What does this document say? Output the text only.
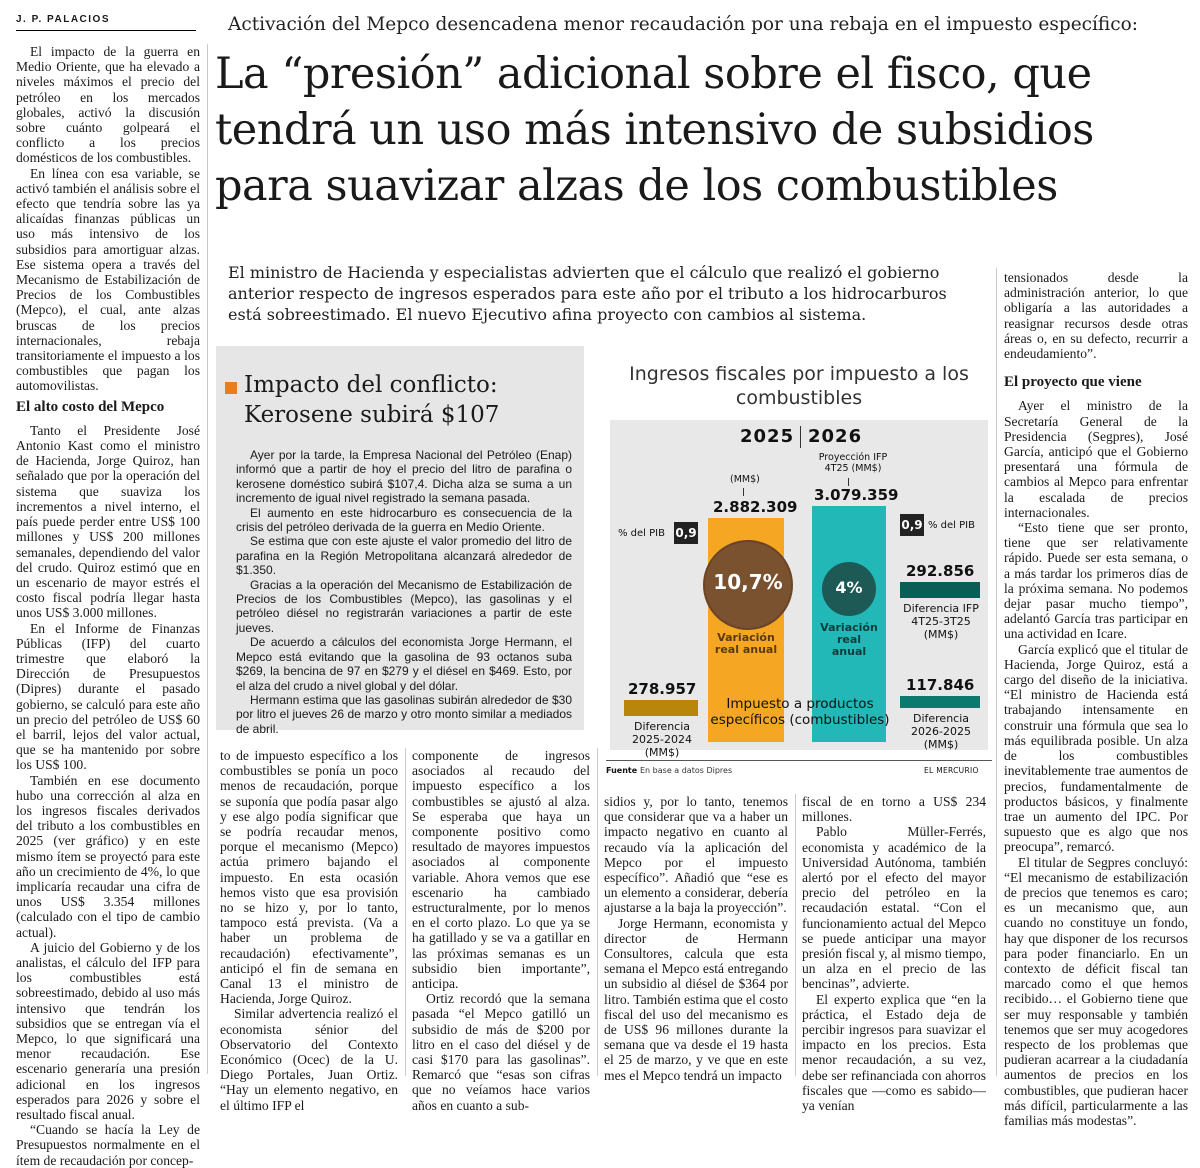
J. P. PALACIOS	Activación del Mepco desencadena menor recaudación por una rebaja en el impuesto específico:
La “presión” adicional sobre el fisco, que tendrá un uso más intensivo de subsidios para suavizar alzas de los combustibles
El ministro de Hacienda y especialistas advierten que el cálculo que realizó el gobierno anterior respecto de ingresos esperados para este año por el tributo a los hidrocarburos está sobreestimado. El nuevo Ejecutivo afina proyecto con cambios al sistema.

El impacto de la guerra en Medio Oriente, que ha elevado a niveles máximos el precio del petróleo en los mercados globales, activó la discusión sobre cuánto golpeará el conflicto a los precios domésticos de los combustibles.

En línea con esa variable, se activó también el análisis sobre el efecto que tendría sobre las ya alicaídas finanzas públicas un uso más intensivo de los subsidios para amortiguar alzas. Ese sistema opera a través del Mecanismo de Estabilización de Precios de los Combustibles (Mepco), el cual, ante alzas bruscas de los precios internacionales, rebaja transitoriamente el impuesto a los combustibles que pagan los automovilistas.

El alto costo del Mepco

Tanto el Presidente José Antonio Kast como el ministro de Hacienda, Jorge Quiroz, han señalado que por la operación del sistema que suaviza los incrementos a nivel interno, el país puede perder entre US$ 100 millones y US$ 200 millones semanales, dependiendo del valor del crudo. Quiroz estimó que en un escenario de mayor estrés el costo fiscal podría llegar hasta unos US$ 3.000 millones.

En el Informe de Finanzas Públicas (IFP) del cuarto trimestre que elaboró la Dirección de Presupuestos (Dipres) durante el pasado gobierno, se calculó para este año un precio del petróleo de US$ 60 el barril, lejos del valor actual, que se ha mantenido por sobre los US$ 100.

También en ese documento hubo una corrección al alza en los ingresos fiscales derivados del tributo a los combustibles en 2025 (ver gráfico) y en este mismo ítem se proyectó para este año un crecimiento de 4%, lo que implicaría recaudar una cifra de unos US$ 3.354 millones (calculado con el tipo de cambio actual).

A juicio del Gobierno y de los analistas, el cálculo del IFP para los combustibles está sobreestimado, debido al uso más intensivo que tendrán los subsidios que se entregan vía el Mepco, lo que significará una menor recaudación. Ese escenario generaría una presión adicional en los ingresos esperados para 2026 y sobre el resultado fiscal anual.

“Cuando se hacía la Ley de Presupuestos normalmente en el ítem de recaudación por concep-

Impacto del conflicto: Kerosene subirá $107

Ayer por la tarde, la Empresa Nacional del Petróleo (Enap) informó que a partir de hoy el precio del litro de parafina o kerosene doméstico subirá $107,4. Dicha alza se suma a un incremento de igual nivel registrado la semana pasada.

El aumento en este hidrocarburo es consecuencia de la crisis del petróleo derivada de la guerra en Medio Oriente.

Se estima que con este ajuste el valor promedio del litro de parafina en la Región Metropolitana alcanzará alrededor de $1.350.

Gracias a la operación del Mecanismo de Estabilización de Precios de los Combustibles (Mepco), las gasolinas y el petróleo diésel no registrarán variaciones a partir de este jueves.

De acuerdo a cálculos del economista Jorge Hermann, el Mepco está evitando que la gasolina de 93 octanos suba $269, la bencina de 97 en $279 y el diésel en $469. Esto, por el alza del crudo a nivel global y del dólar.

Hermann estima que las gasolinas subirán alrededor de $30 por litro el jueves 26 de marzo y otro monto similar a mediados de abril.

to de impuesto específico a los combustibles se ponía un poco menos de recaudación, porque se suponía que podía pasar algo y ese algo podía significar que se podría recaudar menos, porque el mecanismo (Mepco) actúa primero bajando el impuesto. En esta ocasión hemos visto que esa provisión no se hizo y, por lo tanto, tampoco está prevista. (Va a haber un problema de recaudación) efectivamente”, anticipó el fin de semana en Canal 13 el ministro de Hacienda, Jorge Quiroz.

Similar advertencia realizó el economista sénior del Observatorio del Contexto Económico (Ocec) de la U. Diego Portales, Juan Ortiz. “Hay un elemento negativo, en el último IFP el

componente de ingresos asociados al recaudo del impuesto específico a los combustibles se ajustó al alza. Se esperaba que haya un componente positivo como resultado de mayores impuestos asociados al componente variable. Ahora vemos que ese escenario ha cambiado estructuralmente, por lo menos en el corto plazo. Lo que ya se ha gatillado y se va a gatillar en las próximas semanas es un subsidio bien importante”, anticipa.

Ortiz recordó que la semana pasada “el Mepco gatilló un subsidio de más de $200 por litro en el caso del diésel y de casi $170 para las gasolinas”. Remarcó que “esas son cifras que no veíamos hace varios años en cuanto a sub-

sidios y, por lo tanto, tenemos que considerar que va a haber un impacto negativo en cuanto al recaudo vía la aplicación del Mepco por el impuesto específico”. Añadió que “ese es un elemento a considerar, debería ajustarse a la baja la proyección”.

Jorge Hermann, economista y director de Hermann Consultores, calcula que esta semana el Mepco está entregando un subsidio al diésel de $364 por litro. También estima que el costo fiscal del uso del mecanismo es de US$ 96 millones durante la semana que va desde el 19 hasta el 25 de marzo, y ve que en este mes el Mepco tendrá un impacto

fiscal de en torno a US$ 234 millones.

Pablo Müller-Ferrés, economista y académico de la Universidad Autónoma, también alertó por el efecto del mayor precio del petróleo en la recaudación estatal. “Con el funcionamiento actual del Mepco se puede anticipar una mayor presión fiscal y, al mismo tiempo, un alza en el precio de las bencinas”, advierte.

El experto explica que “en la práctica, el Estado deja de percibir ingresos para suavizar el impacto en los precios. Esta menor recaudación, a su vez, debe ser refinanciada con ahorros fiscales que —como es sabido— ya venían

tensionados desde la administración anterior, lo que obligaría a las autoridades a reasignar recursos desde otras áreas o, en su defecto, recurrir a endeudamiento”.

El proyecto que viene

Ayer el ministro de la Secretaría General de la Presidencia (Segpres), José García, anticipó que el Gobierno presentará una fórmula de cambios al Mepco para enfrentar la escalada de precios internacionales.

“Esto tiene que ser pronto, tiene que ser relativamente rápido. Puede ser esta semana, o a más tardar los primeros días de la próxima semana. No podemos dejar pasar mucho tiempo”, adelantó García tras participar en una actividad en Icare.

García explicó que el titular de Hacienda, Jorge Quiroz, está a cargo del diseño de la iniciativa. “El ministro de Hacienda está trabajando intensamente en construir una fórmula que sea lo más equilibrada posible. Un alza de los combustibles inevitablemente trae aumentos de precios, fundamentalmente de productos básicos, y finalmente trae un aumento del IPC. Por supuesto que es algo que nos preocupa”, remarcó.

El titular de Segpres concluyó: “El mecanismo de estabilización de precios que tenemos es caro; es un mecanismo que, aun cuando no constituye un fondo, hay que disponer de los recursos para poder financiarlo. En un contexto de déficit fiscal tan marcado como el que hemos recibido… el Gobierno tiene que ser muy responsable y también tenemos que ser muy acogedores respecto de los problemas que pudieran acarrear a la ciudadanía aumentos de precios en los combustibles, que pudieran hacer más difícil, particularmente a las familias más modestas”.

Ingresos fiscales por impuesto a los combustibles
2025 2026
(MM$)
2.882.309
Proyección IFP 4T25 (MM$)
3.079.359
% del PIB 0,9
0,9 % del PIB
10,7%	4%
Variación real anual
Variación real anual
278.957
Diferencia 2025-2024 (MM$)
292.856
Diferencia IFP 4T25-3T25 (MM$)
117.846
Diferencia 2026-2025 (MM$)
Impuesto a productos específicos (combustibles)
Fuente En base a datos Dipres	EL MERCURIO
